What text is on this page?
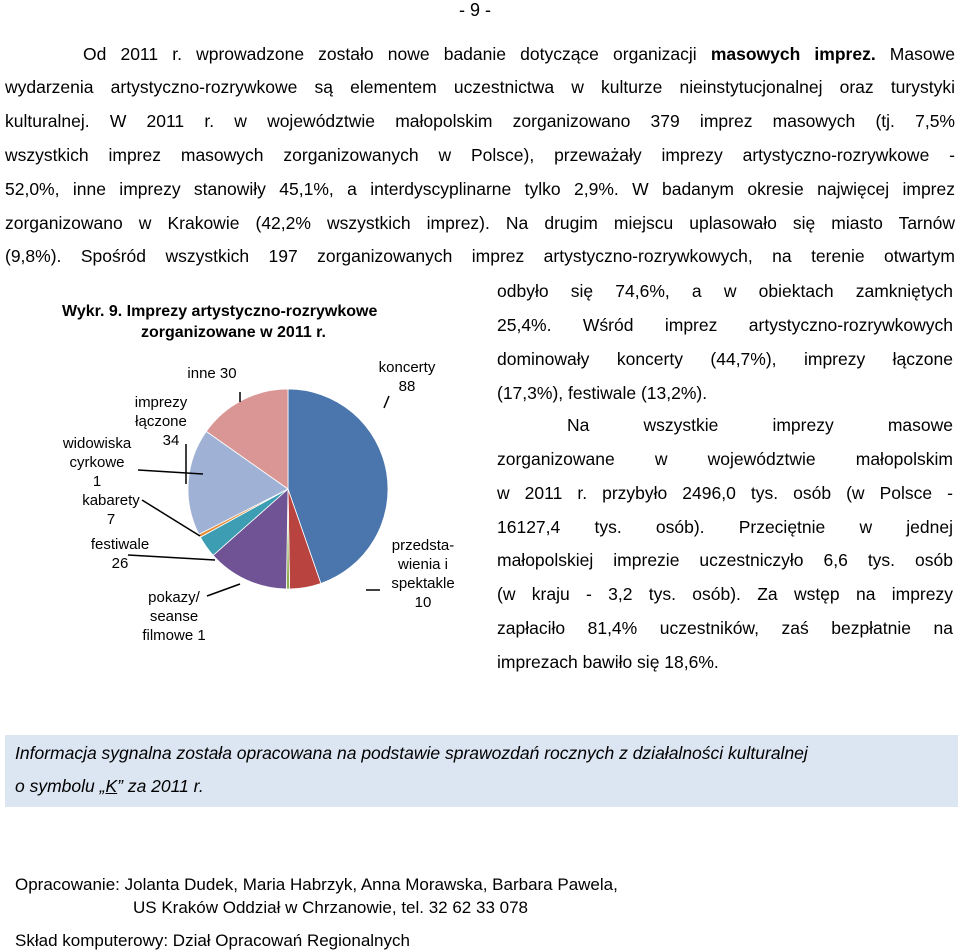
- 9 -
Od 2011 r. wprowadzone zostało nowe badanie dotyczące organizacji masowych imprez. Masowe
wydarzenia artystyczno-rozrywkowe są elementem uczestnictwa w kulturze nieinstytucjonalnej oraz turystyki
kulturalnej. W 2011 r. w województwie małopolskim zorganizowano 379 imprez masowych (tj. 7,5%
wszystkich imprez masowych zorganizowanych w Polsce), przeważały imprezy artystyczno-rozrywkowe -
52,0%, inne imprezy stanowiły 45,1%, a interdyscyplinarne tylko 2,9%. W badanym okresie najwięcej imprez
zorganizowano w Krakowie (42,2% wszystkich imprez). Na drugim miejscu uplasowało się miasto Tarnów
(9,8%). Spośród wszystkich 197 zorganizowanych imprez artystyczno-rozrywkowych, na terenie otwartym
odbyło się 74,6%, a w obiektach zamkniętych
25,4%. Wśród imprez artystyczno-rozrywkowych
dominowały koncerty (44,7%), imprezy łączone
(17,3%), festiwale (13,2%).
Na wszystkie imprezy masowe
zorganizowane w województwie małopolskim
w 2011 r. przybyło 2496,0 tys. osób (w Polsce -
16127,4 tys. osób). Przeciętnie w jednej
małopolskiej imprezie uczestniczyło 6,6 tys. osób
(w kraju - 3,2 tys. osób). Za wstęp na imprezy
zapłaciło 81,4% uczestników, zaś bezpłatnie na
imprezach bawiło się 18,6%.
Wykr. 9. Imprezy artystyczno-rozrywkowe
zorganizowane w 2011 r.
inne 30	koncerty
88
imprezy
łączone
34
widowiska
cyrkowe
1
kabarety
7
festiwale
26
pokazy/
seanse
filmowe 1
przedsta-
wienia i
spektakle
10
Informacja sygnalna została opracowana na podstawie sprawozdań rocznych z działalności kulturalnej
o symbolu „K” za 2011 r.
Opracowanie: Jolanta Dudek, Maria Habrzyk, Anna Morawska, Barbara Pawela,
US Kraków Oddział w Chrzanowie, tel. 32 62 33 078
Skład komputerowy: Dział Opracowań Regionalnych
